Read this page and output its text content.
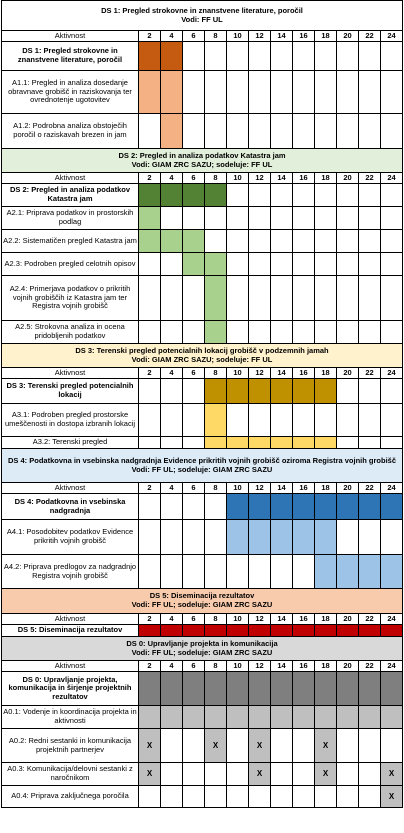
DS 1: Pregled strokovne in znanstvene literature, poročil
Vodi: FF UL												

Aktivnost	2	4	6	8	10	12	14	16	18	20	22	24
DS 1: Pregled strokovne in znanstvene literature, poročil												
A1.1: Pregled in analiza dosedanje obravnave grobišč in raziskovanja ter ovrednotenje ugotovitev												
A1.2: Podrobna analiza obstoječih poročil o raziskavah brezen in jam												

DS 2: Pregled in analiza podatkov Katastra jam
Vodi: GIAM ZRC SAZU; sodeluje: FF UL												

Aktivnost	2	4	6	8	10	12	14	16	18	20	22	24
DS 2: Pregled in analiza podatkov Katastra jam												
A2.1: Priprava podatkov in prostorskih podlag												
A2.2: Sistematičen pregled Katastra jam												
A2.3: Podroben pregled celotnih opisov												
A2.4: Primerjava podatkov o prikritih vojnih grobiščih iz Katastra jam ter Registra vojnih grobišč												
A2.5: Strokovna analiza in ocena pridobljenih podatkov												

DS 3: Terenski pregled potencialnih lokacij grobišč v podzemnih jamah
Vodi: GIAM ZRC SAZU; sodeluje: FF UL												

Aktivnost	2	4	6	8	10	12	14	16	18	20	22	24
DS 3: Terenski pregled potencialnih lokacij												
A3.1: Podroben pregled prostorske umeščenosti in dostopa izbranih lokacij												
A3.2: Terenski pregled												

DS 4: Podatkovna in vsebinska nadgradnja Evidence prikritih vojnih grobišč oziroma Registra vojnih grobišč
Vodi: FF UL; sodeluje: GIAM ZRC SAZU												

Aktivnost	2	4	6	8	10	12	14	16	18	20	22	24
DS 4: Podatkovna in vsebinska nadgradnja												
A4.1: Posodobitev podatkov Evidence prikritih vojnih grobišč												
A4.2: Priprava predlogov za nadgradnjo Registra vojnih grobišč												

DS 5: Diseminacija rezultatov
Vodi: FF UL; sodeluje: GIAM ZRC SAZU												

Aktivnost	2	4	6	8	10	12	14	16	18	20	22	24
DS 5: Diseminacija rezultatov												

DS 0: Upravljanje projekta in komunikacija
Vodi: FF UL; sodeluje: GIAM ZRC SAZU												

Aktivnost	2	4	6	8	10	12	14	16	18	20	22	24
DS 0: Upravljanje projekta, komunikacija in širjenje projektnih rezultatov												
A0.1: Vodenje in koordinacija projekta in aktivnosti												
A0.2: Redni sestanki in komunikacija projektnih partnerjev	X			X		X			X			
A0.3: Komunikacija/delovni sestanki z naročnikom	X					X			X			X
A0.4: Priprava zaključnega poročila												X
